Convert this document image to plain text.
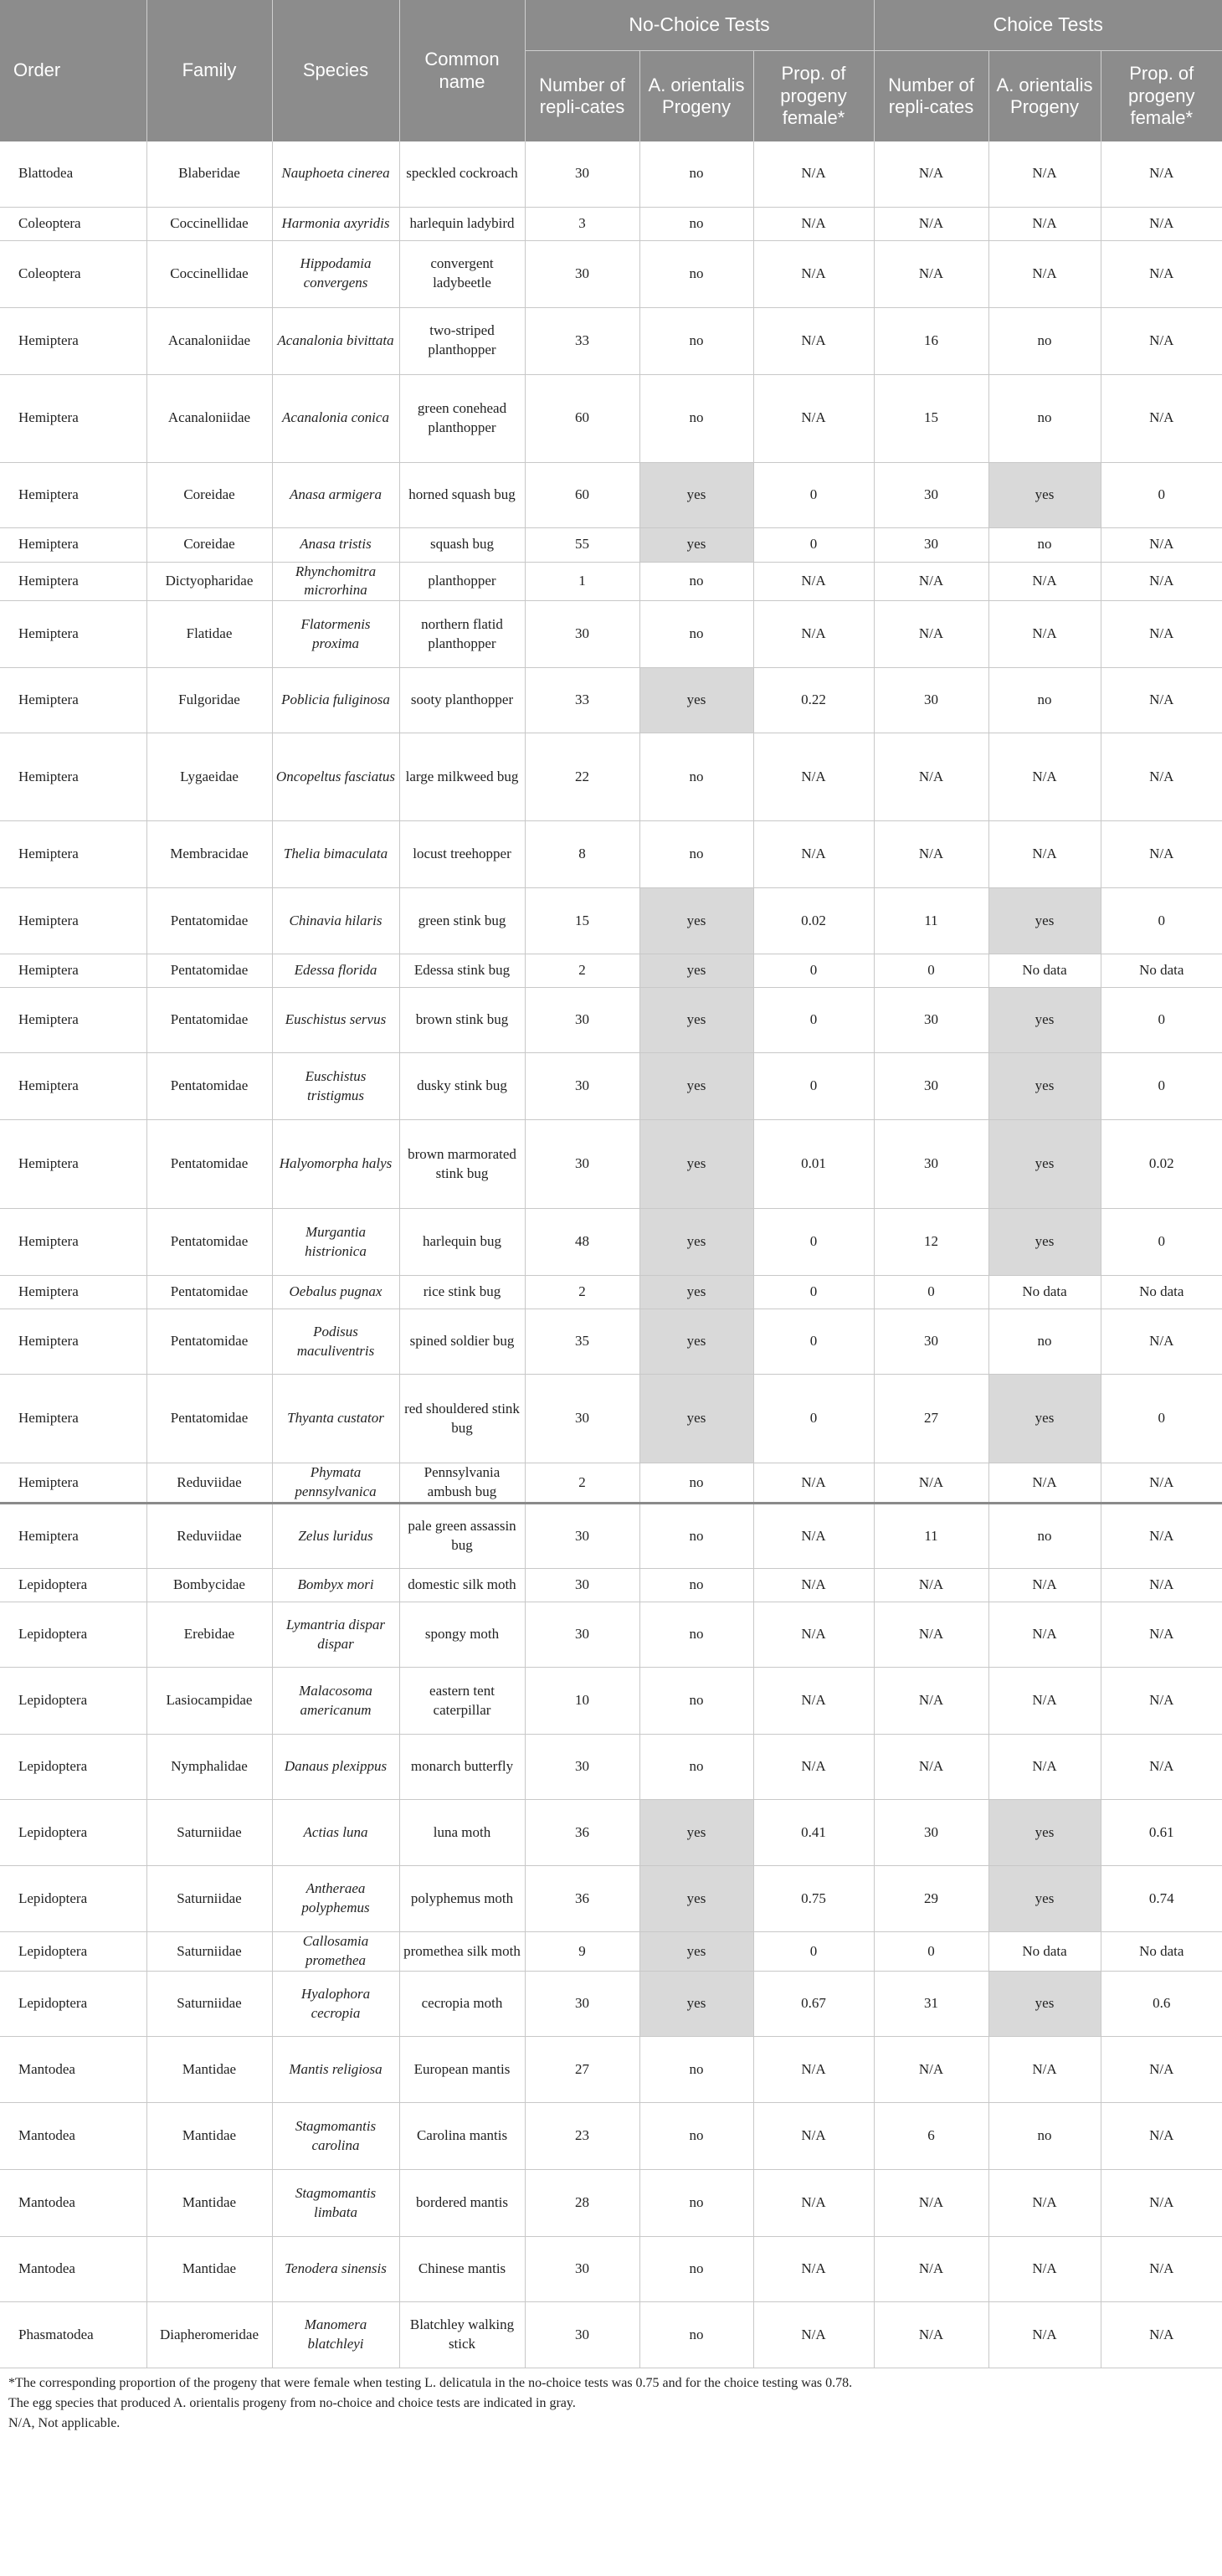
Order	Family	Species	Common name	No-Choice Tests			Choice Tests		
				Number of repli-cates	A. orientalis Progeny	Prop. of progeny female*	Number of repli-cates	A. orientalis Progeny	Prop. of progeny female*
Blattodea	Blaberidae	Nauphoeta cinerea	speckled cockroach	30	no	N/A	N/A	N/A	N/A
Coleoptera	Coccinellidae	Harmonia axyridis	harlequin ladybird	3	no	N/A	N/A	N/A	N/A
Coleoptera	Coccinellidae	Hippodamia convergens	convergent ladybeetle	30	no	N/A	N/A	N/A	N/A
Hemiptera	Acanaloniidae	Acanalonia bivittata	two-striped planthopper	33	no	N/A	16	no	N/A
Hemiptera	Acanaloniidae	Acanalonia conica	green conehead planthopper	60	no	N/A	15	no	N/A
Hemiptera	Coreidae	Anasa armigera	horned squash bug	60	yes	0	30	yes	0
Hemiptera	Coreidae	Anasa tristis	squash bug	55	yes	0	30	no	N/A
Hemiptera	Dictyopharidae	Rhynchomitra microrhina	planthopper	1	no	N/A	N/A	N/A	N/A
Hemiptera	Flatidae	Flatormenis proxima	northern flatid planthopper	30	no	N/A	N/A	N/A	N/A
Hemiptera	Fulgoridae	Poblicia fuliginosa	sooty planthopper	33	yes	0.22	30	no	N/A
Hemiptera	Lygaeidae	Oncopeltus fasciatus	large milkweed bug	22	no	N/A	N/A	N/A	N/A
Hemiptera	Membracidae	Thelia bimaculata	locust treehopper	8	no	N/A	N/A	N/A	N/A
Hemiptera	Pentatomidae	Chinavia hilaris	green stink bug	15	yes	0.02	11	yes	0
Hemiptera	Pentatomidae	Edessa florida	Edessa stink bug	2	yes	0	0	No data	No data
Hemiptera	Pentatomidae	Euschistus servus	brown stink bug	30	yes	0	30	yes	0
Hemiptera	Pentatomidae	Euschistus tristigmus	dusky stink bug	30	yes	0	30	yes	0
Hemiptera	Pentatomidae	Halyomorpha halys	brown marmorated stink bug	30	yes	0.01	30	yes	0.02
Hemiptera	Pentatomidae	Murgantia histrionica	harlequin bug	48	yes	0	12	yes	0
Hemiptera	Pentatomidae	Oebalus pugnax	rice stink bug	2	yes	0	0	No data	No data
Hemiptera	Pentatomidae	Podisus maculiventris	spined soldier bug	35	yes	0	30	no	N/A
Hemiptera	Pentatomidae	Thyanta custator	red shouldered stink bug	30	yes	0	27	yes	0
Hemiptera	Reduviidae	Phymata pennsylvanica	Pennsylvania ambush bug	2	no	N/A	N/A	N/A	N/A
Hemiptera	Reduviidae	Zelus luridus	pale green assassin bug	30	no	N/A	11	no	N/A
Lepidoptera	Bombycidae	Bombyx mori	domestic silk moth	30	no	N/A	N/A	N/A	N/A
Lepidoptera	Erebidae	Lymantria dispar dispar	spongy moth	30	no	N/A	N/A	N/A	N/A
Lepidoptera	Lasiocampidae	Malacosoma americanum	eastern tent caterpillar	10	no	N/A	N/A	N/A	N/A
Lepidoptera	Nymphalidae	Danaus plexippus	monarch butterfly	30	no	N/A	N/A	N/A	N/A
Lepidoptera	Saturniidae	Actias luna	luna moth	36	yes	0.41	30	yes	0.61
Lepidoptera	Saturniidae	Antheraea polyphemus	polyphemus moth	36	yes	0.75	29	yes	0.74
Lepidoptera	Saturniidae	Callosamia promethea	promethea silk moth	9	yes	0	0	No data	No data
Lepidoptera	Saturniidae	Hyalophora cecropia	cecropia moth	30	yes	0.67	31	yes	0.6
Mantodea	Mantidae	Mantis religiosa	European mantis	27	no	N/A	N/A	N/A	N/A
Mantodea	Mantidae	Stagmomantis carolina	Carolina mantis	23	no	N/A	6	no	N/A
Mantodea	Mantidae	Stagmomantis limbata	bordered mantis	28	no	N/A	N/A	N/A	N/A
Mantodea	Mantidae	Tenodera sinensis	Chinese mantis	30	no	N/A	N/A	N/A	N/A
Phasmatodea	Diapheromeridae	Manomera blatchleyi	Blatchley walking stick	30	no	N/A	N/A	N/A	N/A
*The corresponding proportion of the progeny that were female when testing L. delicatula in the no-choice tests was 0.75 and for the choice testing was 0.78.
The egg species that produced A. orientalis progeny from no-choice and choice tests are indicated in gray.
N/A, Not applicable.
